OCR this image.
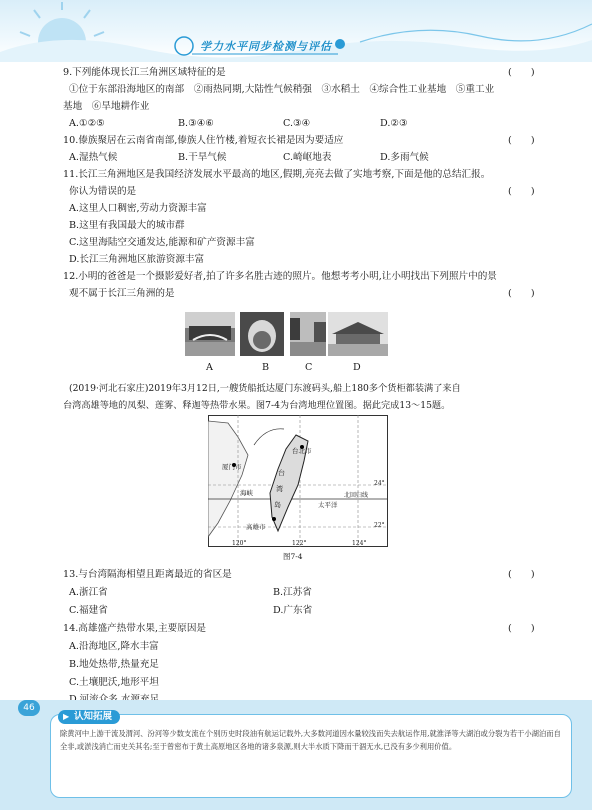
学力水平同步检测与评估
9.下列能体现长江三角洲区域特征的是	(　　)
①位于东部沿海地区的南部　②雨热同期,大陆性气候稍强　③水稻土　④综合性工业基地　⑤重工业
基地　⑥旱地耕作业
A.①②⑤	B.③④⑥	C.③④	D.②③
10.傣族聚居在云南省南部,傣族人住竹楼,着短衣长裙是因为要适应	(　　)
A.湿热气候	B.干旱气候	C.崎岖地表	D.多雨气候
11.长江三角洲地区是我国经济发展水平最高的地区,假期,亮亮去做了实地考察,下面是他的总结汇报。
你认为错误的是	(　　)
A.这里人口稠密,劳动力资源丰富
B.这里有我国最大的城市群
C.这里海陆空交通发达,能源和矿产资源丰富
D.长江三角洲地区旅游资源丰富
12.小明的爸爸是一个摄影爱好者,拍了许多名胜古迹的照片。他想考考小明,让小明找出下列照片中的景
观不属于长江三角洲的是	(　　)
A	B	C	D
(2019·河北石家庄)2019年3月12日,一艘货船抵达厦门东渡码头,船上180多个货柜都装满了来自
台湾高雄等地的凤梨、莲雾、释迦等热带水果。图7-4为台湾地理位置图。据此完成13～15题。
厦门市
台北市
高雄市
台
湾
岛
海峡
太平洋
北回归线
24°
22°
120°	122°	124°
图7-4
13.与台湾隔海相望且距离最近的省区是	(　　)
A.浙江省	B.江苏省
C.福建省	D.广东省
14.高雄盛产热带水果,主要原因是	(　　)
A.沿海地区,降水丰富
B.地处热带,热量充足
C.土壤肥沃,地形平坦
46
▶ 认知拓展
除黄河中上游干流及渭河、汾河等少数支流在个别历史时段油有航运记载外,大多数河道因水量较浅而失去航运作用,就淮泽等大湖泊或分裂为若干小湖泊而自全非,或淤浅消亡而史关其名;至于曾密布于黄土高原地区各地的诸多泉源,则大半水质下降而干涸无水,已没有多少利用价值。
